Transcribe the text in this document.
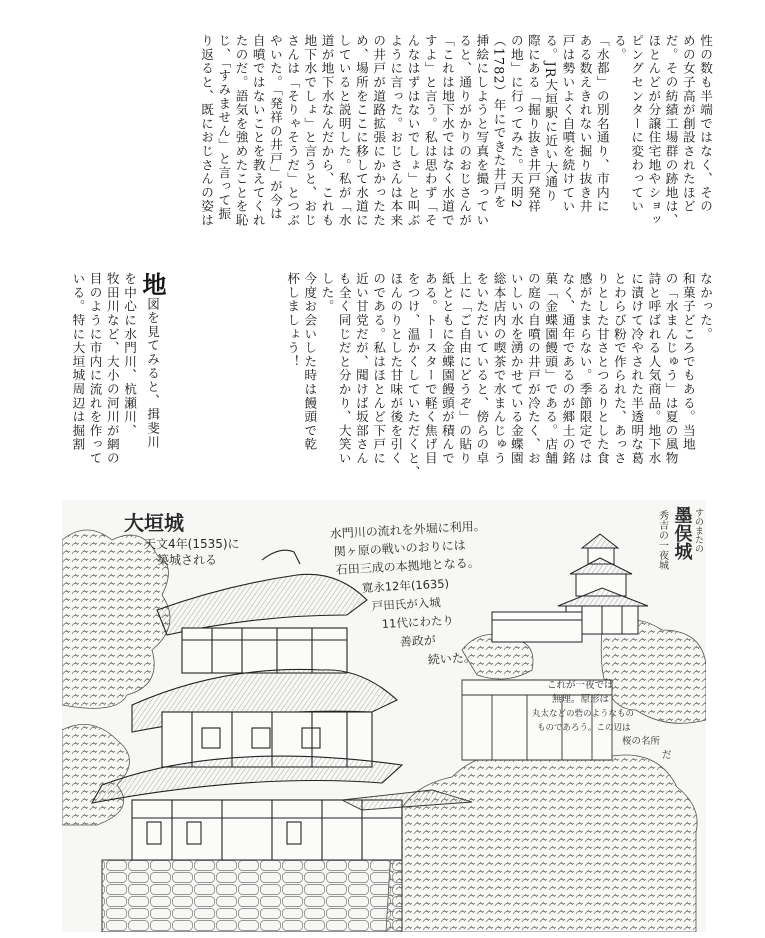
性の数も半端ではなく、その
めの女子高が創設されたほど
だ。その紡績工場群の跡地は、
ほとんどが分譲住宅地やショッ
ピングセンターに変わってい
る。
「水都」の別名通り、市内に
ある数えきれない掘り抜き井
戸は勢いよく自噴を続けてい
る。JR大垣駅に近い大通り
際にある「掘り抜き井戸発祥
の地」に行ってみた。天明2
（1782）年にできた井戸を
挿絵にしようと写真を撮ってい
ると、通りがかりのおじさんが
「これは地下水ではなく水道で
すよ」と言う。私は思わず「そ
んなはずはないでしょ」と叫ぶ
ように言った。おじさんは本来
の井戸が道路拡張にかかったた
め、場所をここに移して水道に
していると説明した。私が「水
道が地下水なんだから、これも
地下水でしょ」と言うと、おじ
さんは「そりゃそうだ」とつぶ
やいた。「発祥の井戸」が今は
自噴ではないことを教えてくれ
たのだ。語気を強めたことを恥
じ、「すみません」と言って振
り返ると、既におじさんの姿は
なかった。
和菓子どころでもある。当地
の「水まんじゅう」は夏の風物
詩と呼ばれる人気商品。地下水
に漬けて冷やされた半透明な葛
とわらび粉で作られた、あっさ
りとした甘さとつるりとした食
感がたまらない。季節限定では
なく、通年であるのが郷土の銘
菓「金蝶園饅頭」である。店舗
の庭の自噴の井戸が冷たく、お
いしい水を湧かせている金蝶園
総本店内の喫茶で水まんじゅう
をいただいていると、傍らの卓
上に「ご自由にどうぞ」の貼り
紙とともに金蝶園饅頭が積んで
ある。トースターで軽く焦げ目
をつけ、温かくしていただくと、
ほんのりとした甘味が後を引く
のである。私はほとんど下戸に
近い甘党だが、聞けば坂部さん
も全く同じだと分かり、大笑い
した。
今度お会いした時は饅頭で乾
杯しましょう！
地図を見てみると、揖斐川
を中心に水門川、杭瀬川、
牧田川など、大小の河川が網の
目のように市内に流れを作って
いる。特に大垣城周辺は掘割
大垣城
天文4年(1535)に
築城される
水門川の流れを外堀に利用。
関ヶ原の戦いのおりには
石田三成の本拠地となる。
寛永12年(1635)
戸田氏が入城
11代にわたり
善政が
続いた。
すのまたの
墨俣城
秀吉の一夜城
これが一夜では
無理。原形は
丸太などの砦のようなもの
ものであろう。この辺は
桜の名所
だ
